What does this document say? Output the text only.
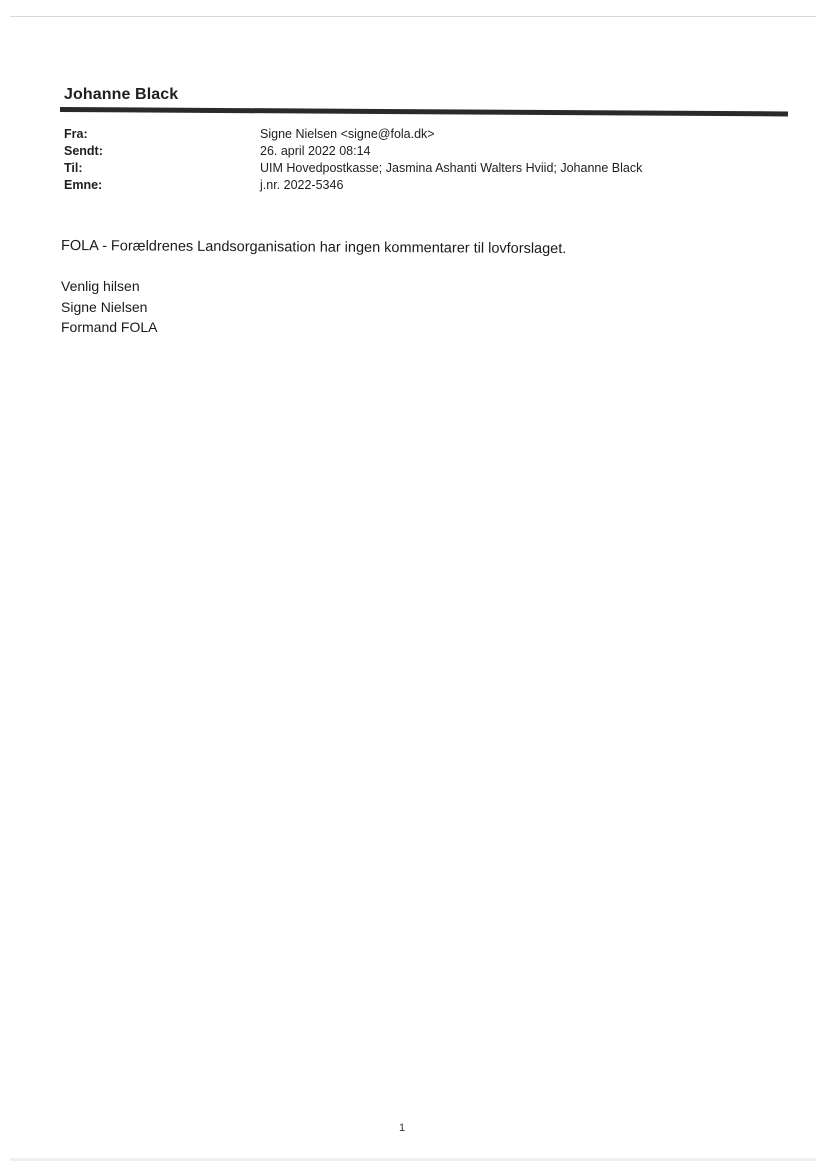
Johanne Black
Fra:	Signe Nielsen <signe@fola.dk>
Sendt:	26. april 2022 08:14
Til:	UIM Hovedpostkasse; Jasmina Ashanti Walters Hviid; Johanne Black
Emne:	j.nr. 2022-5346
FOLA - Forældrenes Landsorganisation har ingen kommentarer til lovforslaget.
Venlig hilsen
Signe Nielsen
Formand FOLA
1
